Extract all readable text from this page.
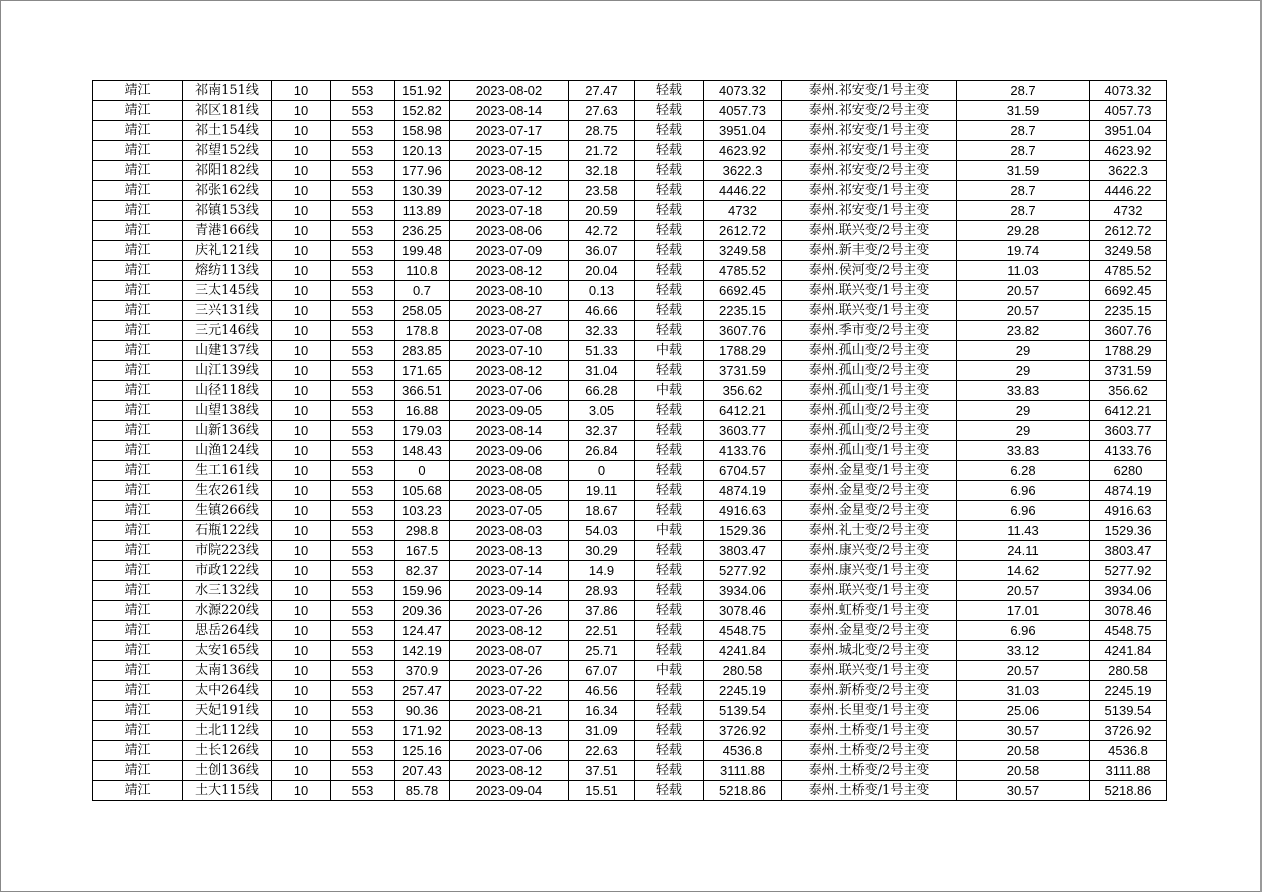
靖江	祁南151线	10	553	151.92	2023-08-02	27.47	轻载	4073.32	泰州.祁安变/1号主变	28.7	4073.32
靖江	祁区181线	10	553	152.82	2023-08-14	27.63	轻载	4057.73	泰州.祁安变/2号主变	31.59	4057.73
靖江	祁土154线	10	553	158.98	2023-07-17	28.75	轻载	3951.04	泰州.祁安变/1号主变	28.7	3951.04
靖江	祁望152线	10	553	120.13	2023-07-15	21.72	轻载	4623.92	泰州.祁安变/1号主变	28.7	4623.92
靖江	祁阳182线	10	553	177.96	2023-08-12	32.18	轻载	3622.3	泰州.祁安变/2号主变	31.59	3622.3
靖江	祁张162线	10	553	130.39	2023-07-12	23.58	轻载	4446.22	泰州.祁安变/1号主变	28.7	4446.22
靖江	祁镇153线	10	553	113.89	2023-07-18	20.59	轻载	4732	泰州.祁安变/1号主变	28.7	4732
靖江	青港166线	10	553	236.25	2023-08-06	42.72	轻载	2612.72	泰州.联兴变/2号主变	29.28	2612.72
靖江	庆礼121线	10	553	199.48	2023-07-09	36.07	轻载	3249.58	泰州.新丰变/2号主变	19.74	3249.58
靖江	熔纺113线	10	553	110.8	2023-08-12	20.04	轻载	4785.52	泰州.侯河变/2号主变	11.03	4785.52
靖江	三太145线	10	553	0.7	2023-08-10	0.13	轻载	6692.45	泰州.联兴变/1号主变	20.57	6692.45
靖江	三兴131线	10	553	258.05	2023-08-27	46.66	轻载	2235.15	泰州.联兴变/1号主变	20.57	2235.15
靖江	三元146线	10	553	178.8	2023-07-08	32.33	轻载	3607.76	泰州.季市变/2号主变	23.82	3607.76
靖江	山建137线	10	553	283.85	2023-07-10	51.33	中载	1788.29	泰州.孤山变/2号主变	29	1788.29
靖江	山江139线	10	553	171.65	2023-08-12	31.04	轻载	3731.59	泰州.孤山变/2号主变	29	3731.59
靖江	山径118线	10	553	366.51	2023-07-06	66.28	中载	356.62	泰州.孤山变/1号主变	33.83	356.62
靖江	山望138线	10	553	16.88	2023-09-05	3.05	轻载	6412.21	泰州.孤山变/2号主变	29	6412.21
靖江	山新136线	10	553	179.03	2023-08-14	32.37	轻载	3603.77	泰州.孤山变/2号主变	29	3603.77
靖江	山渔124线	10	553	148.43	2023-09-06	26.84	轻载	4133.76	泰州.孤山变/1号主变	33.83	4133.76
靖江	生工161线	10	553	0	2023-08-08	0	轻载	6704.57	泰州.金星变/1号主变	6.28	6280
靖江	生农261线	10	553	105.68	2023-08-05	19.11	轻载	4874.19	泰州.金星变/2号主变	6.96	4874.19
靖江	生镇266线	10	553	103.23	2023-07-05	18.67	轻载	4916.63	泰州.金星变/2号主变	6.96	4916.63
靖江	石瓶122线	10	553	298.8	2023-08-03	54.03	中载	1529.36	泰州.礼士变/2号主变	11.43	1529.36
靖江	市院223线	10	553	167.5	2023-08-13	30.29	轻载	3803.47	泰州.康兴变/2号主变	24.11	3803.47
靖江	市政122线	10	553	82.37	2023-07-14	14.9	轻载	5277.92	泰州.康兴变/1号主变	14.62	5277.92
靖江	水三132线	10	553	159.96	2023-09-14	28.93	轻载	3934.06	泰州.联兴变/1号主变	20.57	3934.06
靖江	水源220线	10	553	209.36	2023-07-26	37.86	轻载	3078.46	泰州.虹桥变/1号主变	17.01	3078.46
靖江	思岳264线	10	553	124.47	2023-08-12	22.51	轻载	4548.75	泰州.金星变/2号主变	6.96	4548.75
靖江	太安165线	10	553	142.19	2023-08-07	25.71	轻载	4241.84	泰州.城北变/2号主变	33.12	4241.84
靖江	太南136线	10	553	370.9	2023-07-26	67.07	中载	280.58	泰州.联兴变/1号主变	20.57	280.58
靖江	太中264线	10	553	257.47	2023-07-22	46.56	轻载	2245.19	泰州.新桥变/2号主变	31.03	2245.19
靖江	天妃191线	10	553	90.36	2023-08-21	16.34	轻载	5139.54	泰州.长里变/1号主变	25.06	5139.54
靖江	土北112线	10	553	171.92	2023-08-13	31.09	轻载	3726.92	泰州.土桥变/1号主变	30.57	3726.92
靖江	土长126线	10	553	125.16	2023-07-06	22.63	轻载	4536.8	泰州.土桥变/2号主变	20.58	4536.8
靖江	土创136线	10	553	207.43	2023-08-12	37.51	轻载	3111.88	泰州.土桥变/2号主变	20.58	3111.88
靖江	土大115线	10	553	85.78	2023-09-04	15.51	轻载	5218.86	泰州.土桥变/1号主变	30.57	5218.86
